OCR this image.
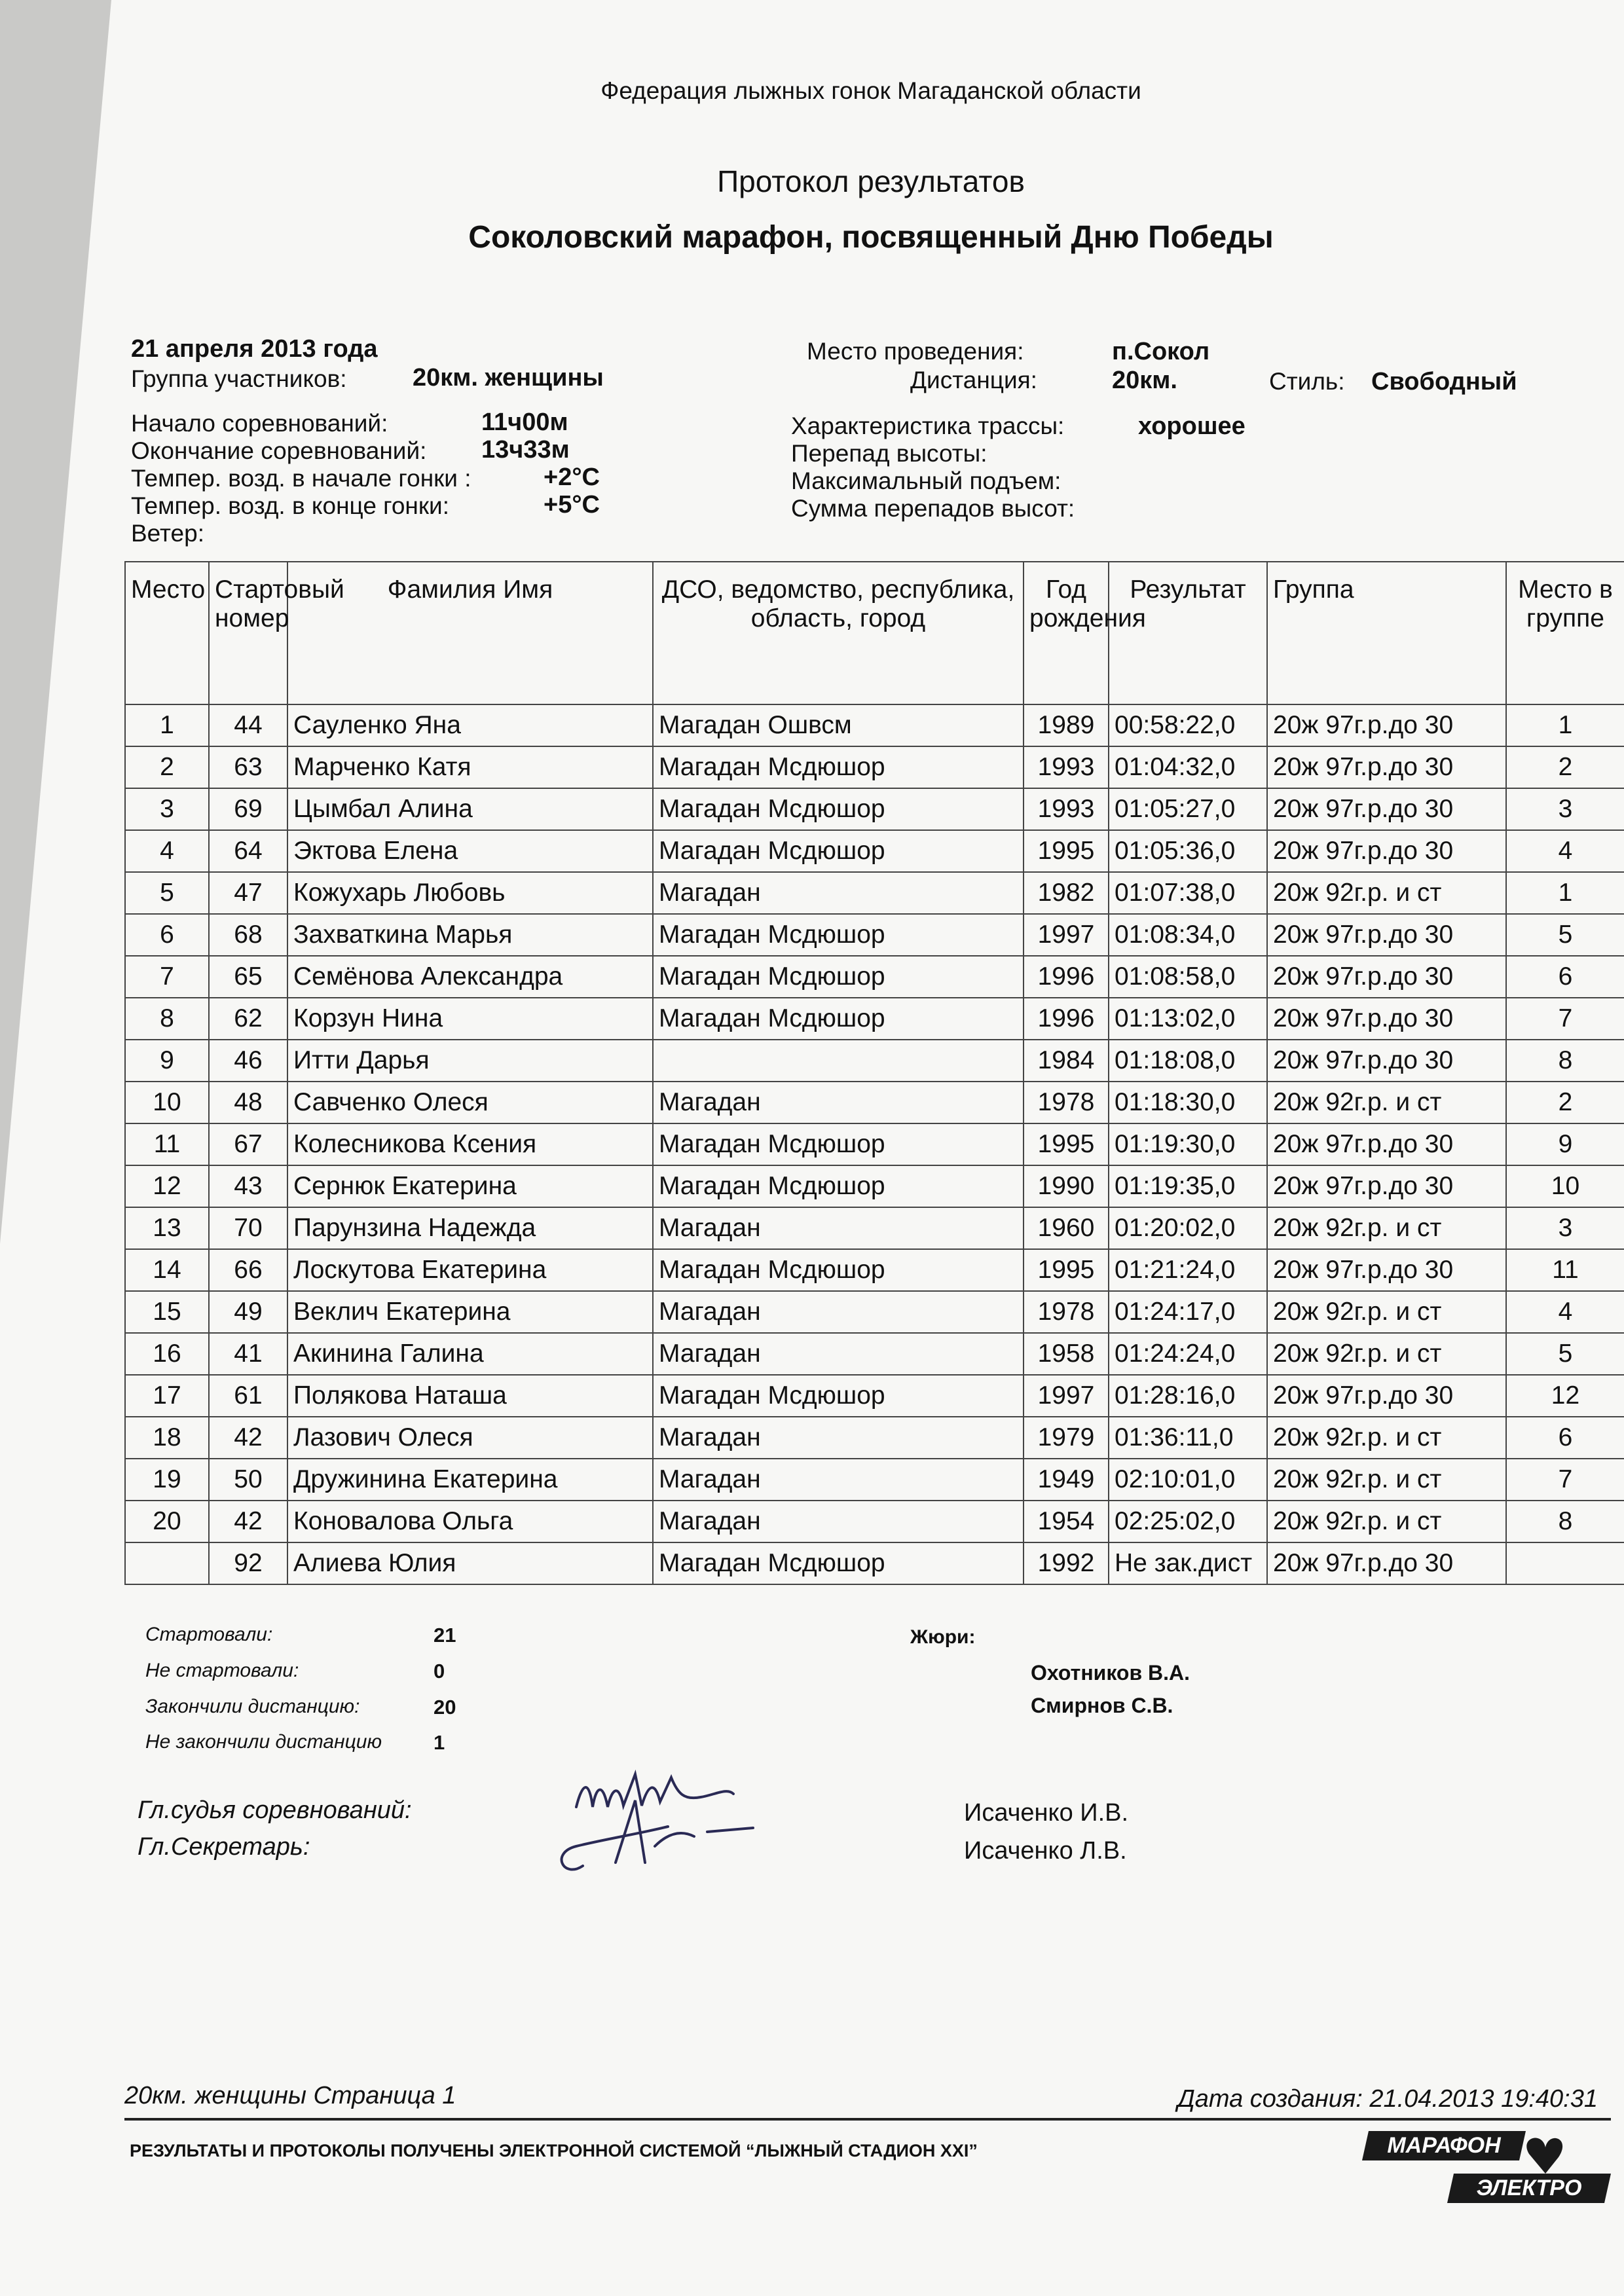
Федерация лыжных гонок Магаданской области
Протокол результатов
Соколовский марафон, посвященный Дню Победы
21 апреля 2013 года
Группа участников:	20км. женщины
Начало соревнований:	11ч00м
Окончание соревнований: 13ч33м
Темпер. возд. в начале гонки :	+2°C
Темпер. возд. в конце гонки:	+5°C
Ветер:
Место проведения:	п.Сокол
Дистанция:	20км.	Стиль: Свободный
Характеристика трассы:	хорошее
Перепад высоты:
Максимальный подъем:
Сумма перепадов высот:
Место	Стартовый номер	Фамилия Имя	ДСО, ведомство, республика, область, город	Год рождения	Результат	Группа	Место в группе
1	44	Сауленко Яна	Магадан Ошвсм	1989	00:58:22,0	20ж 97г.р.до 30	1
2	63	Марченко Катя	Магадан Мсдюшор	1993	01:04:32,0	20ж 97г.р.до 30	2
3	69	Цымбал Алина	Магадан Мсдюшор	1993	01:05:27,0	20ж 97г.р.до 30	3
4	64	Эктова Елена	Магадан Мсдюшор	1995	01:05:36,0	20ж 97г.р.до 30	4
5	47	Кожухарь Любовь	Магадан	1982	01:07:38,0	20ж 92г.р. и ст	1
6	68	Захваткина Марья	Магадан Мсдюшор	1997	01:08:34,0	20ж 97г.р.до 30	5
7	65	Семёнова Александра	Магадан Мсдюшор	1996	01:08:58,0	20ж 97г.р.до 30	6
8	62	Корзун Нина	Магадан Мсдюшор	1996	01:13:02,0	20ж 97г.р.до 30	7
9	46	Итти Дарья		1984	01:18:08,0	20ж 97г.р.до 30	8
10	48	Савченко Олеся	Магадан	1978	01:18:30,0	20ж 92г.р. и ст	2
11	67	Колесникова Ксения	Магадан Мсдюшор	1995	01:19:30,0	20ж 97г.р.до 30	9
12	43	Сернюк Екатерина	Магадан Мсдюшор	1990	01:19:35,0	20ж 97г.р.до 30	10
13	70	Парунзина Надежда	Магадан	1960	01:20:02,0	20ж 92г.р. и ст	3
14	66	Лоскутова Екатерина	Магадан Мсдюшор	1995	01:21:24,0	20ж 97г.р.до 30	11
15	49	Веклич Екатерина	Магадан	1978	01:24:17,0	20ж 92г.р. и ст	4
16	41	Акинина Галина	Магадан	1958	01:24:24,0	20ж 92г.р. и ст	5
17	61	Полякова Наташа	Магадан Мсдюшор	1997	01:28:16,0	20ж 97г.р.до 30	12
18	42	Лазович Олеся	Магадан	1979	01:36:11,0	20ж 92г.р. и ст	6
19	50	Дружинина Екатерина	Магадан	1949	02:10:01,0	20ж 92г.р. и ст	7
20	42	Коновалова Ольга	Магадан	1954	02:25:02,0	20ж 92г.р. и ст	8
	92	Алиева Юлия	Магадан Мсдюшор	1992	Не зак.дист	20ж 97г.р.до 30	
Стартовали:	21
Не стартовали:	0
Закончили дистанцию:	20
Не закончили дистанцию	1
Жюри:
Охотников В.А.
Смирнов С.В.
Гл.судья соревнований:	Исаченко И.В.
Гл.Секретарь:	Исаченко Л.В.
20км. женщины Страница 1	Дата создания: 21.04.2013 19:40:31
РЕЗУЛЬТАТЫ И ПРОТОКОЛЫ ПОЛУЧЕНЫ ЭЛЕКТРОННОЙ СИСТЕМОЙ “ЛЫЖНЫЙ СТАДИОН XXI”	МАРАФОН
ЭЛЕКТРО
